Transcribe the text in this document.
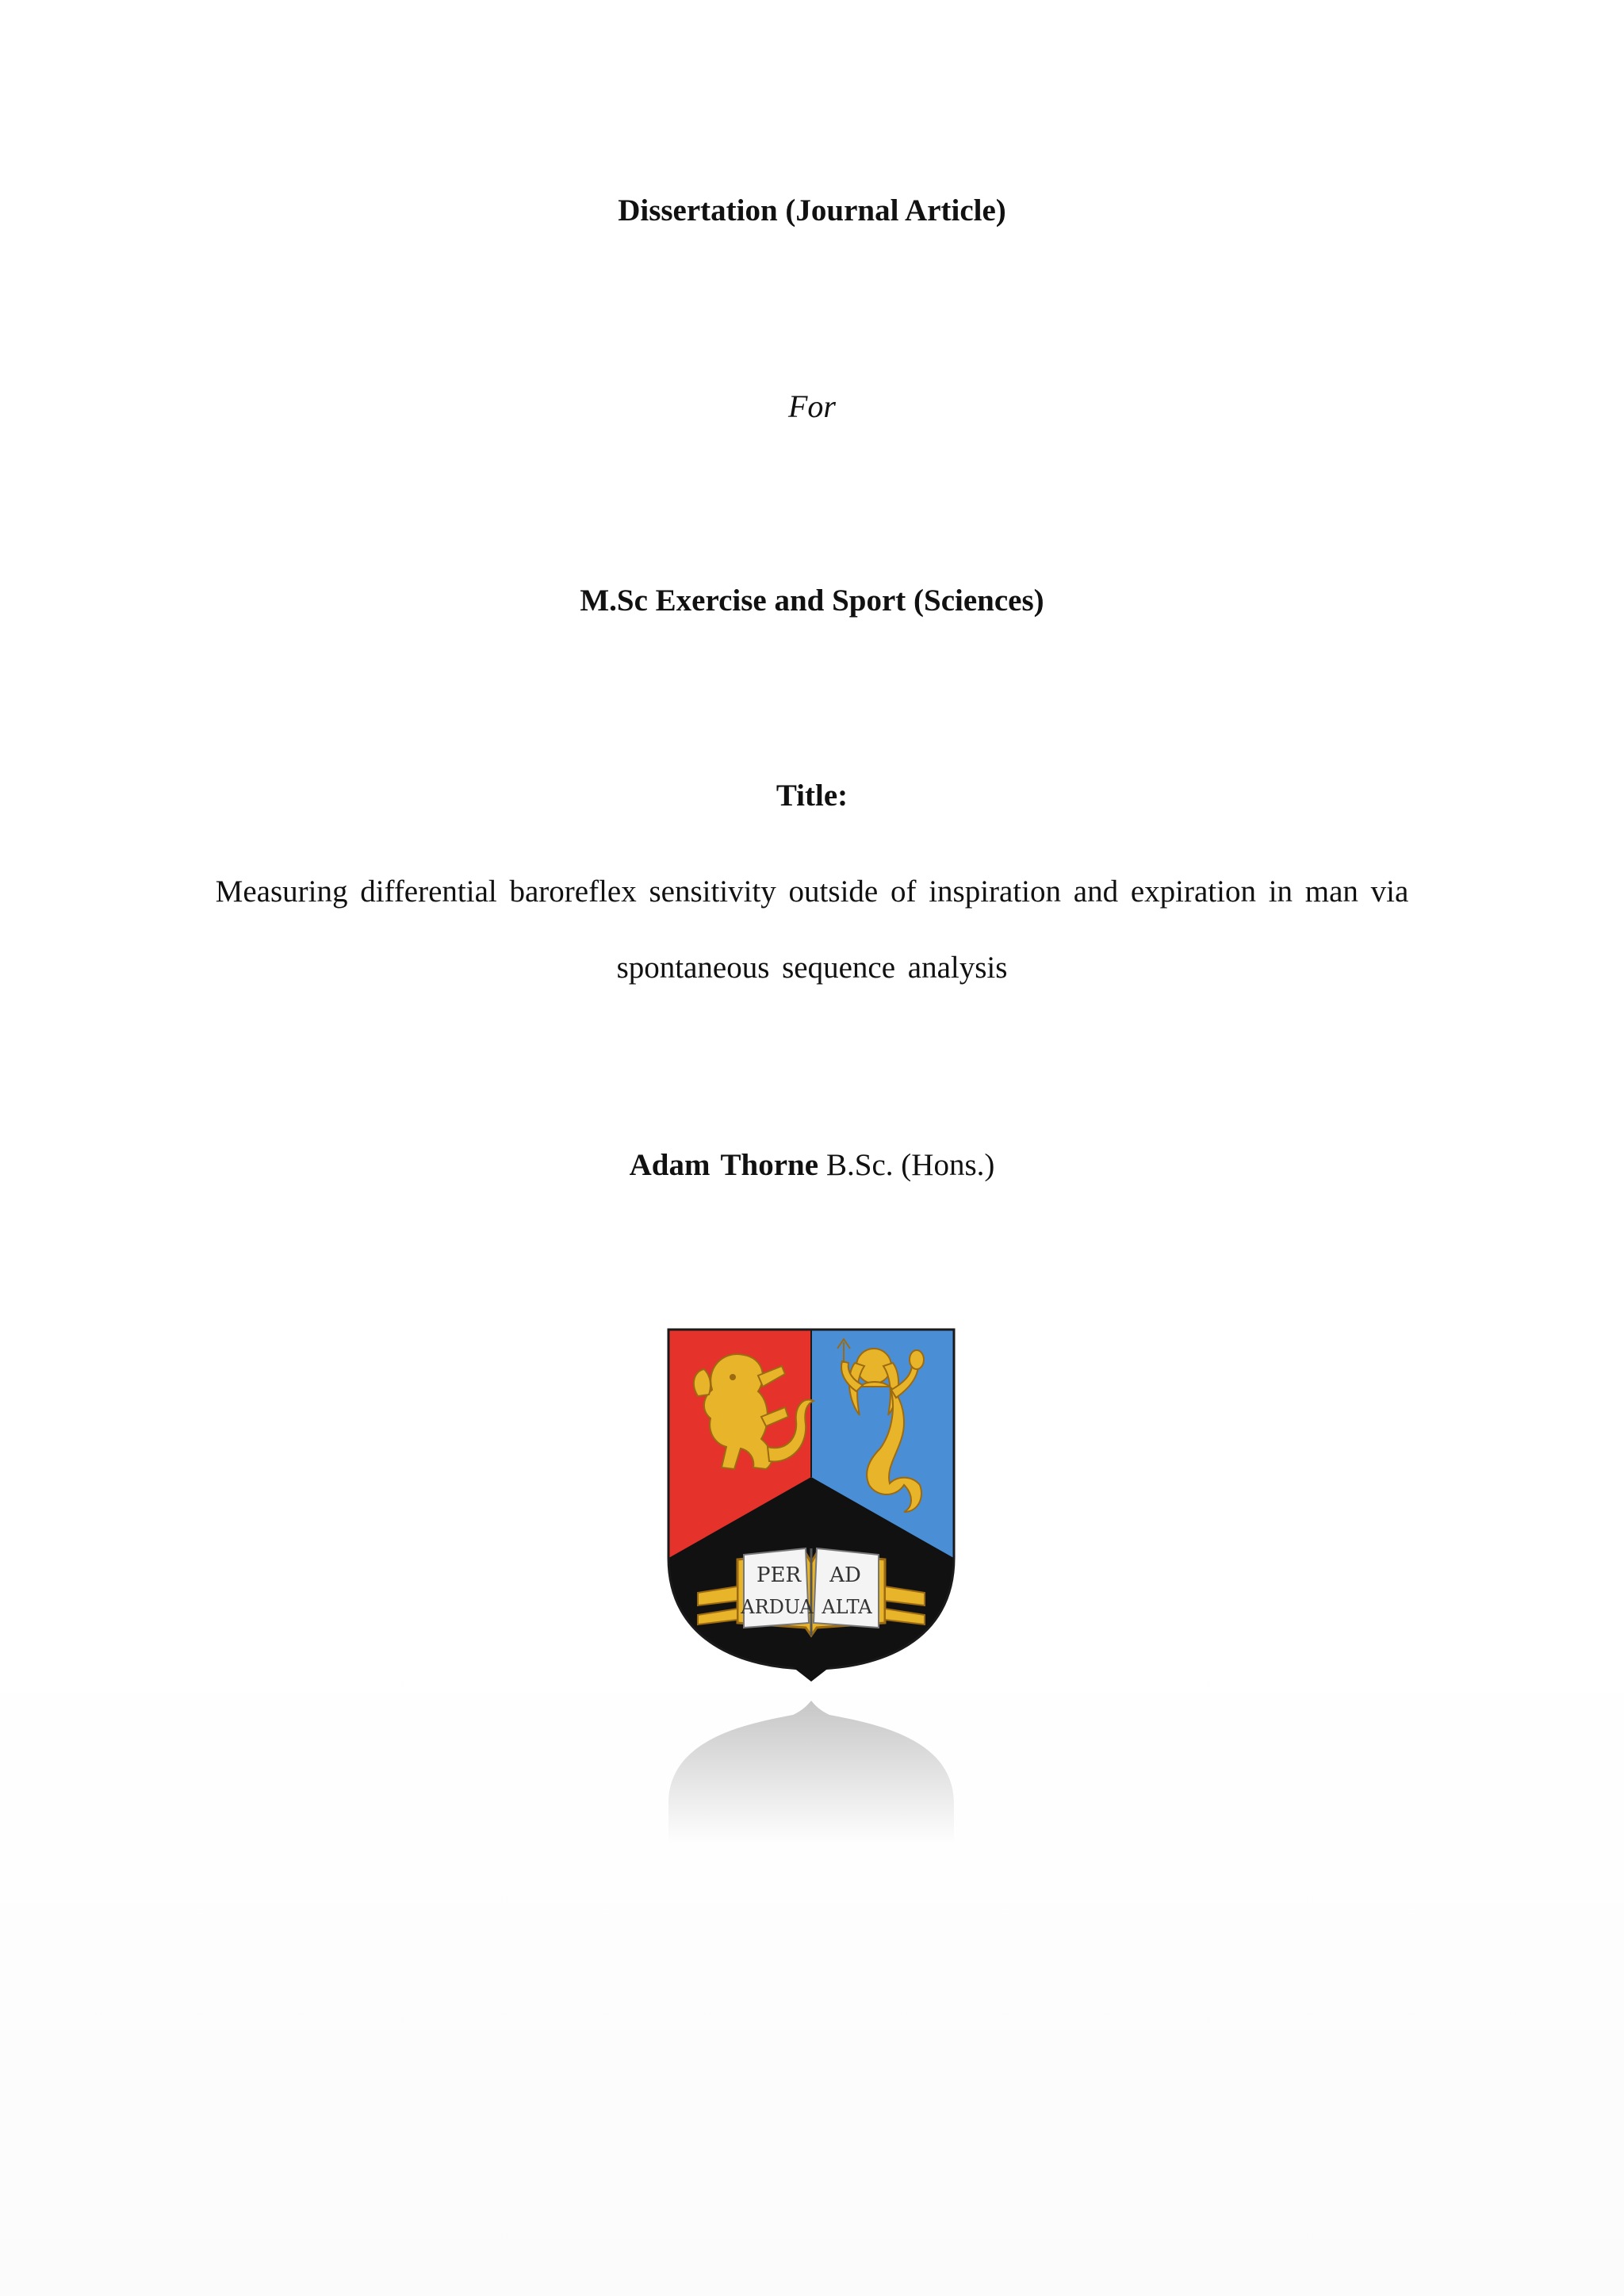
Dissertation (Journal Article)
For
M.Sc Exercise and Sport (Sciences)
Title:
Measuring differential baroreflex sensitivity outside of inspiration and expiration in man via
spontaneous sequence analysis
Adam Thorne B.Sc. (Hons.)
PER AD
ARDUA ALTA
